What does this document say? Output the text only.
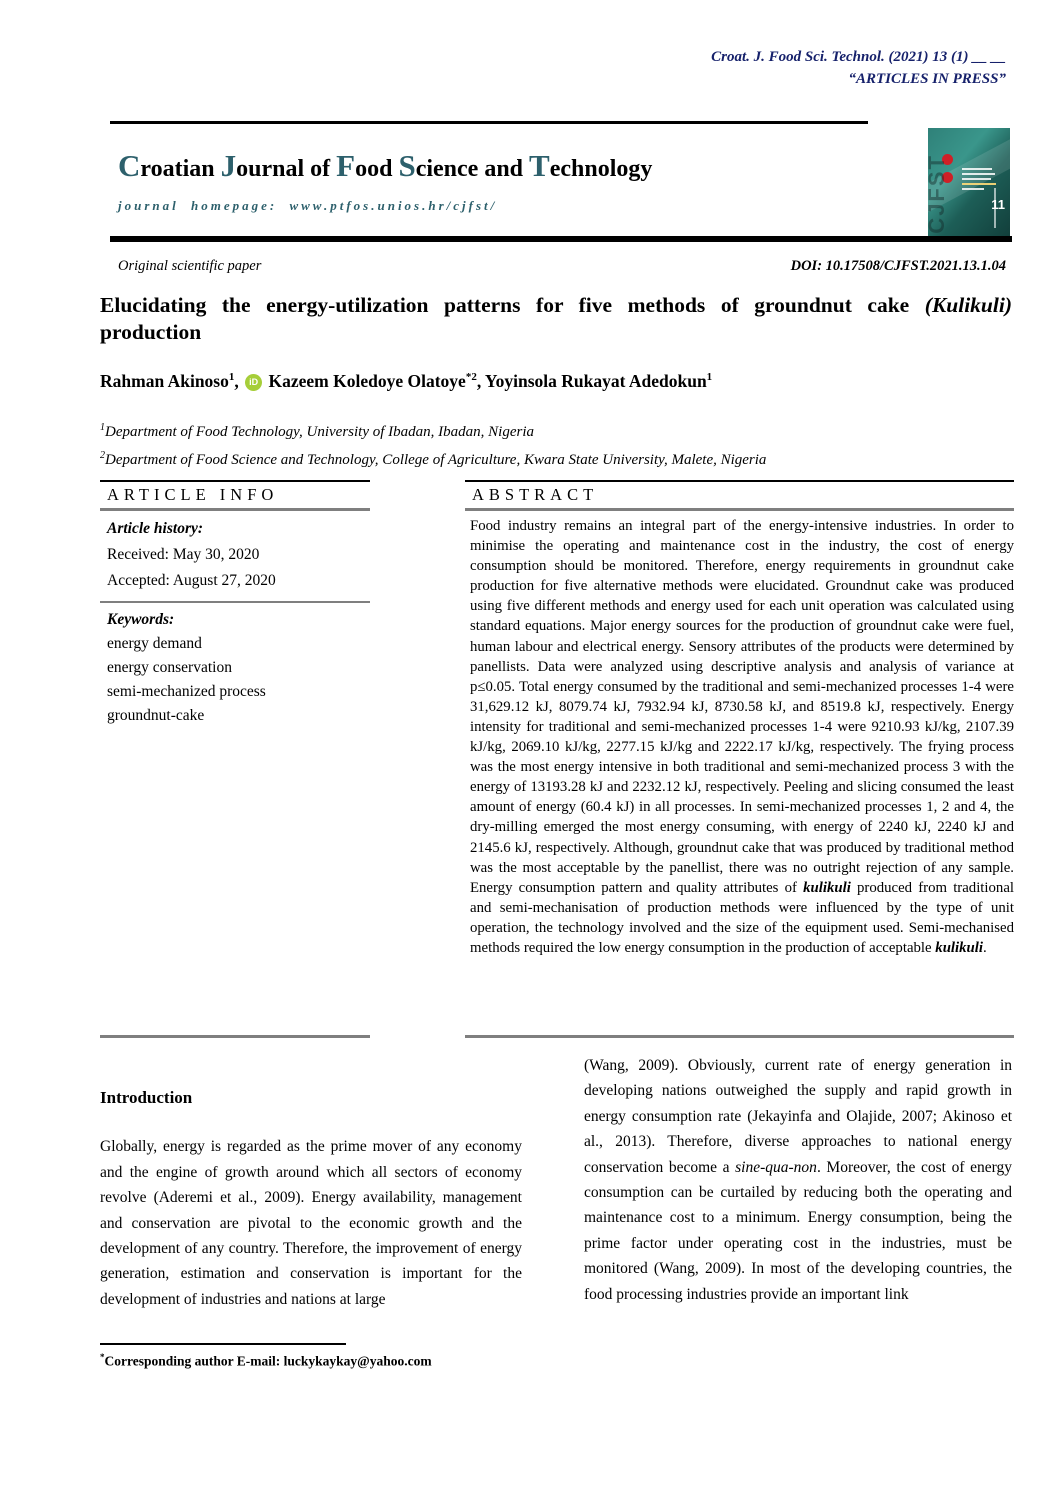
Croat. J. Food Sci. Technol. (2021) 13 (1) __ __
“ARTICLES IN PRESS”
Croatian Journal of Food Science and Technology
journal homepage: www.ptfos.unios.hr/cjfst/	CJFST	11
Original scientific paper	DOI: 10.17508/CJFST.2021.13.1.04
Elucidating the energy-utilization patterns for five methods of groundnut cake (Kulikuli) production
Rahman Akinoso$^1$, iD Kazeem Koledoye Olatoye$^{*2}$, Yoyinsola Rukayat Adedokun$^1$
$^1$Department of Food Technology, University of Ibadan, Ibadan, Nigeria
$^2$Department of Food Science and Technology, College of Agriculture, Kwara State University, Malete, Nigeria
ARTICLE INFO
Article history:
Received: May 30, 2020
Accepted: August 27, 2020
Keywords:
energy demand
energy conservation
semi-mechanized process
groundnut-cake
ABSTRACT
Food industry remains an integral part of the energy-intensive industries. In order to minimise the operating and maintenance cost in the industry, the cost of energy consumption should be monitored. Therefore, energy requirements in groundnut cake production for five alternative methods were elucidated. Groundnut cake was produced using five different methods and energy used for each unit operation was calculated using standard equations. Major energy sources for the production of groundnut cake were fuel, human labour and electrical energy. Sensory attributes of the products were determined by panellists. Data were analyzed using descriptive analysis and analysis of variance at p≤0.05. Total energy consumed by the traditional and semi-mechanized processes 1-4 were 31,629.12 kJ, 8079.74 kJ, 7932.94 kJ, 8730.58 kJ, and 8519.8 kJ, respectively. Energy intensity for traditional and semi-mechanized processes 1-4 were 9210.93 kJ/kg, 2107.39 kJ/kg, 2069.10 kJ/kg, 2277.15 kJ/kg and 2222.17 kJ/kg, respectively. The frying process was the most energy intensive in both traditional and semi-mechanized process 3 with the energy of 13193.28 kJ and 2232.12 kJ, respectively. Peeling and slicing consumed the least amount of energy (60.4 kJ) in all processes. In semi-mechanized processes 1, 2 and 4, the dry-milling emerged the most energy consuming, with energy of 2240 kJ, 2240 kJ and 2145.6 kJ, respectively. Although, groundnut cake that was produced by traditional method was the most acceptable by the panellist, there was no outright rejection of any sample. Energy consumption pattern and quality attributes of kulikuli produced from traditional and semi-mechanisation of production methods were influenced by the type of unit operation, the technology involved and the size of the equipment used. Semi-mechanised methods required the low energy consumption in the production of acceptable kulikuli.
Introduction
Globally, energy is regarded as the prime mover of any economy and the engine of growth around which all sectors of economy revolve (Aderemi et al., 2009). Energy availability, management and conservation are pivotal to the economic growth and the development of any country. Therefore, the improvement of energy generation, estimation and conservation is important for the development of industries and nations at large
(Wang, 2009). Obviously, current rate of energy generation in developing nations outweighed the supply and rapid growth in energy consumption rate (Jekayinfa and Olajide, 2007; Akinoso et al., 2013). Therefore, diverse approaches to national energy conservation become a sine-qua-non. Moreover, the cost of energy consumption can be curtailed by reducing both the operating and maintenance cost to a minimum. Energy consumption, being the prime factor under operating cost in the industries, must be monitored (Wang, 2009). In most of the developing countries, the food processing industries provide an important link
*Corresponding author E-mail: luckykaykay@yahoo.com
